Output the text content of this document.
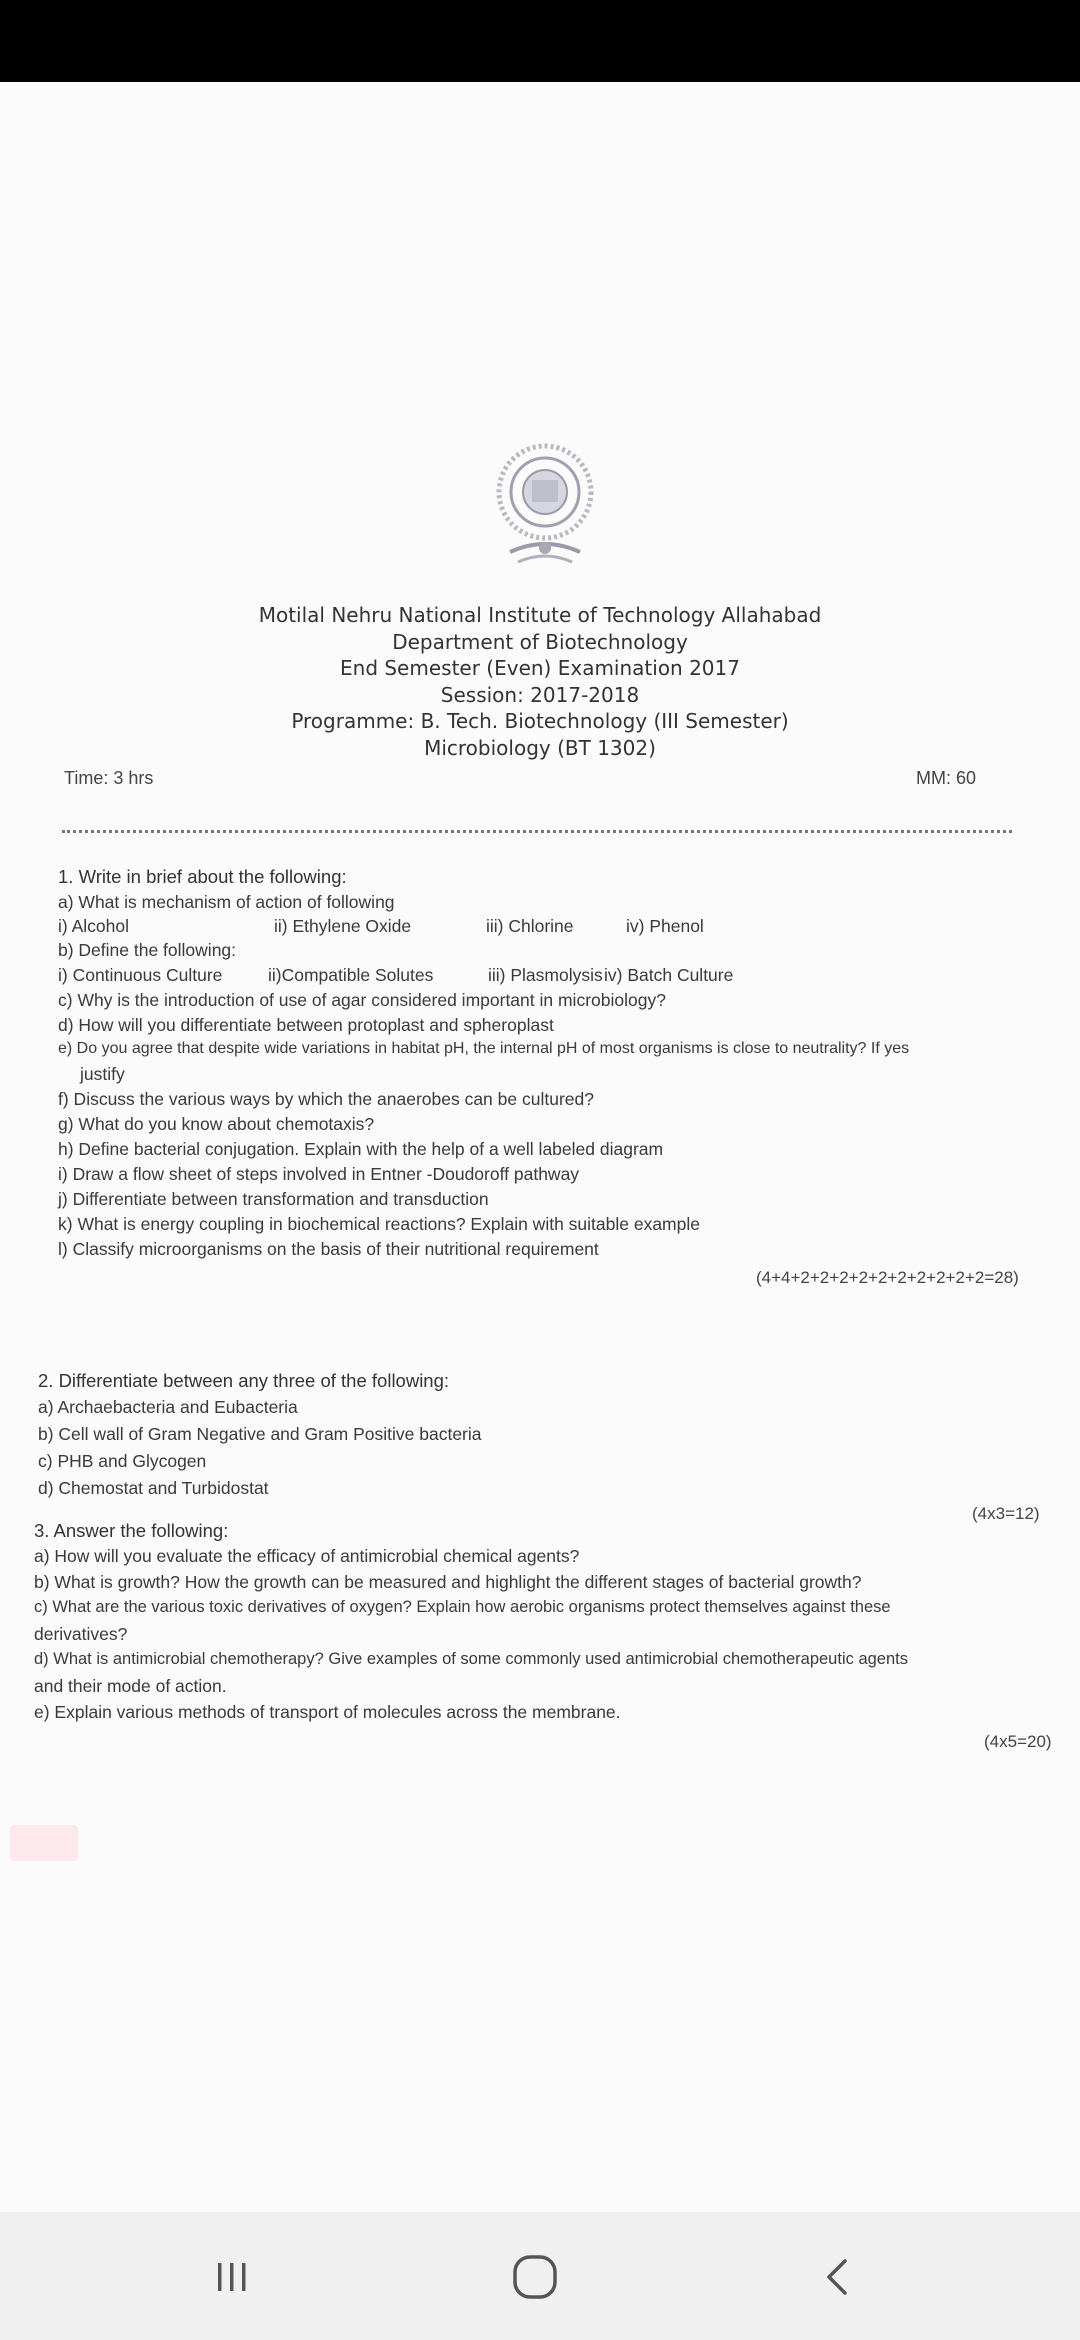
Motilal Nehru National Institute of Technology Allahabad
Department of Biotechnology
End Semester (Even) Examination 2017
Session: 2017-2018
Programme: B. Tech. Biotechnology (III Semester)
Microbiology (BT 1302)
Time: 3 hrs	MM: 60
1. Write in brief about the following:
a) What is mechanism of action of following
i) Alcohol	ii) Ethylene Oxide	iii) Chlorine	iv) Phenol
b) Define the following:
i) Continuous Culture	ii)Compatible Solutes	iii) Plasmolysis iv) Batch Culture
c) Why is the introduction of use of agar considered important in microbiology?
d) How will you differentiate between protoplast and spheroplast
e) Do you agree that despite wide variations in habitat pH, the internal pH of most organisms is close to neutrality? If yes
justify
f) Discuss the various ways by which the anaerobes can be cultured?
g) What do you know about chemotaxis?
h) Define bacterial conjugation. Explain with the help of a well labeled diagram
i) Draw a flow sheet of steps involved in Entner -Doudoroff pathway
j) Differentiate between transformation and transduction
k) What is energy coupling in biochemical reactions? Explain with suitable example
l) Classify microorganisms on the basis of their nutritional requirement
(4+4+2+2+2+2+2+2+2+2+2+2=28)
2. Differentiate between any three of the following:
a) Archaebacteria and Eubacteria
b) Cell wall of Gram Negative and Gram Positive bacteria
c) PHB and Glycogen
d) Chemostat and Turbidostat
(4x3=12)
3. Answer the following:
a) How will you evaluate the efficacy of antimicrobial chemical agents?
b) What is growth? How the growth can be measured and highlight the different stages of bacterial growth?
c) What are the various toxic derivatives of oxygen? Explain how aerobic organisms protect themselves against these
derivatives?
d) What is antimicrobial chemotherapy? Give examples of some commonly used antimicrobial chemotherapeutic agents
and their mode of action.
e) Explain various methods of transport of molecules across the membrane.
(4x5=20)
